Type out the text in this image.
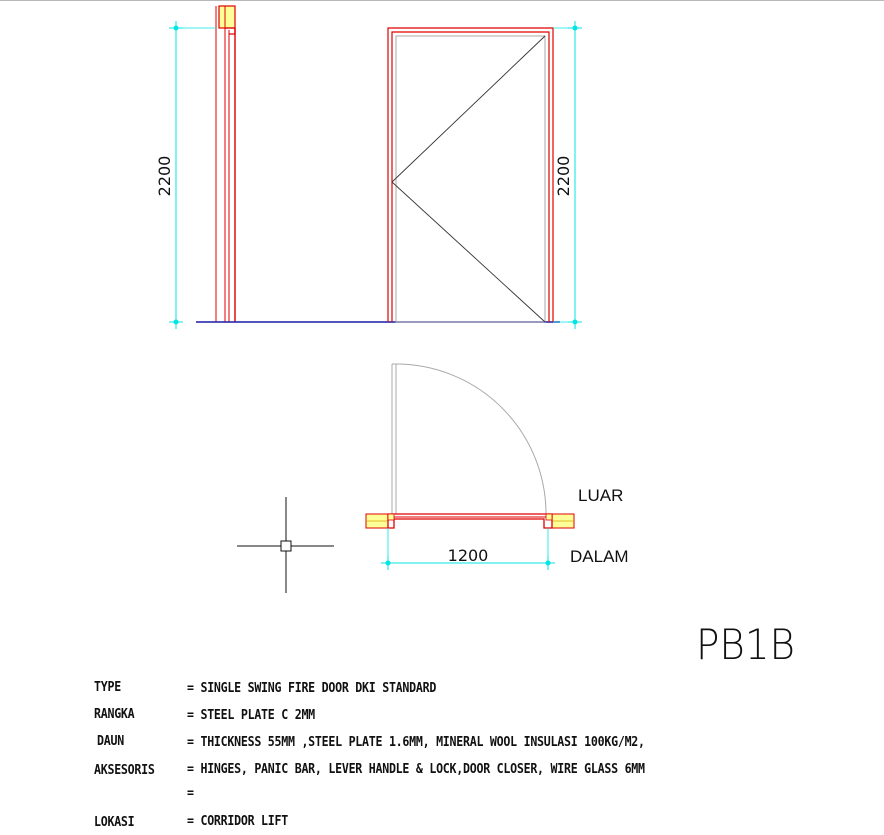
2200	2200
1200
LUAR
DALAM
PB1B
TYPE	= SINGLE SWING FIRE DOOR DKI STANDARD
RANGKA	= STEEL PLATE C 2MM
DAUN	= THICKNESS 55MM ,STEEL PLATE 1.6MM, MINERAL WOOL INSULASI 100KG/M2,
AKSESORIS = HINGES, PANIC BAR, LEVER HANDLE & LOCK,DOOR CLOSER, WIRE GLASS 6MM
=
LOKASI	= CORRIDOR LIFT
